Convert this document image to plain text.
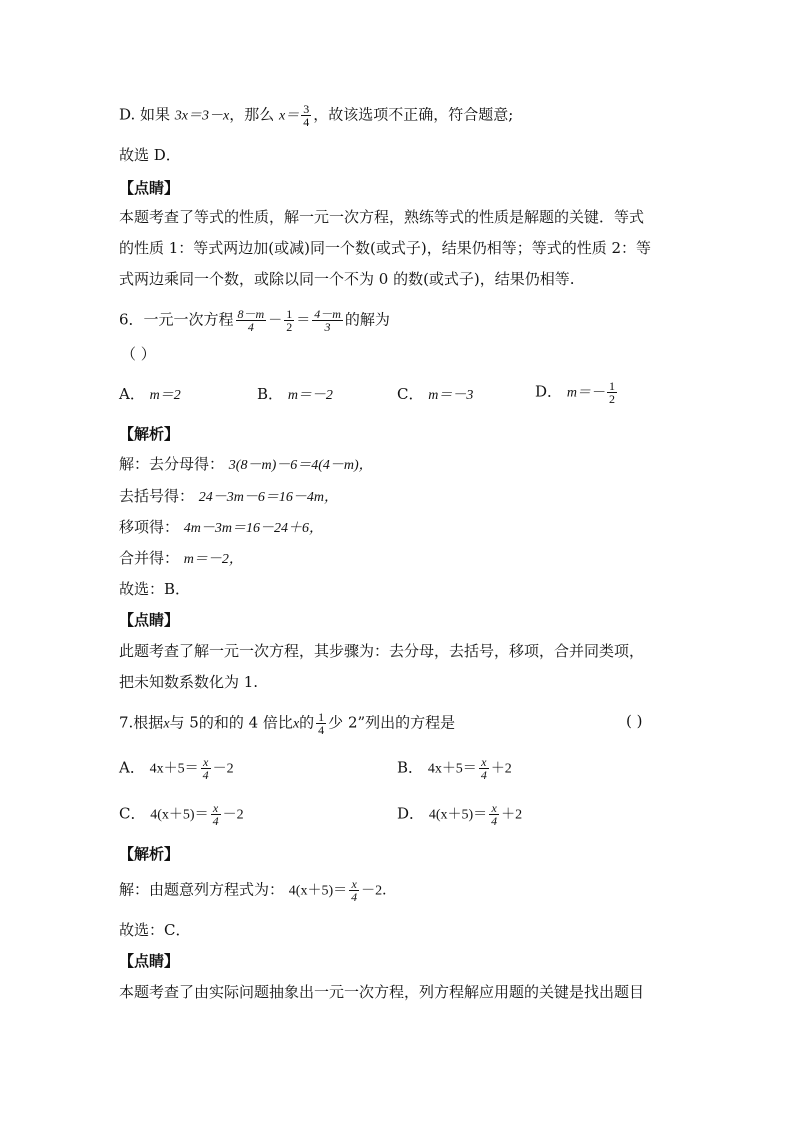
D. 如果 3x＝3－x，那么 $x= \frac{3}{4}$ ，故该选项不正确，符合题意;
故选 D．
【点睛】
本题考查了等式的性质，解一元一次方程，熟练等式的性质是解题的关键．等式
的性质 1：等式两边加(或减)同一个数(或式子)，结果仍相等；等式的性质 2：等
式两边乘同一个数，或除以同一个不为 0 的数(或式子)，结果仍相等.
6．一元一次方程 $\frac{8-m}{4} - \frac{1}{2} = \frac{4-m}{3}$ 的解为
（ ）
A． m＝2	B． m＝－2	C． m＝－3	D． $m=- \frac{1}{2}$
【解析】
解：去分母得： 3(8－m)－6＝4(4－m)，
去括号得： 24－3m－6＝16－4m，
移项得： 4m－3m＝16－24＋6，
合并得： m＝－2，
故选：B．
【点睛】
此题考查了解一元一次方程，其步骤为：去分母，去括号，移项，合并同类项，
把未知数系数化为 1.
7.根据x与 5的和的 4 倍比x的 $\frac{1}{4}$ 少 2”列出的方程是	( )
A． $4x+5= \frac{x}{4} -2$	B． $4x+5= \frac{x}{4} +2$
C． $4(x+5)= \frac{x}{4} -2$	D． $4(x+5)= \frac{x}{4} +2$
【解析】
解：由题意列方程式为： $4(x+5)= \frac{x}{4} -2$．
故选：C．
【点睛】
本题考查了由实际问题抽象出一元一次方程，列方程解应用题的关键是找出题目
